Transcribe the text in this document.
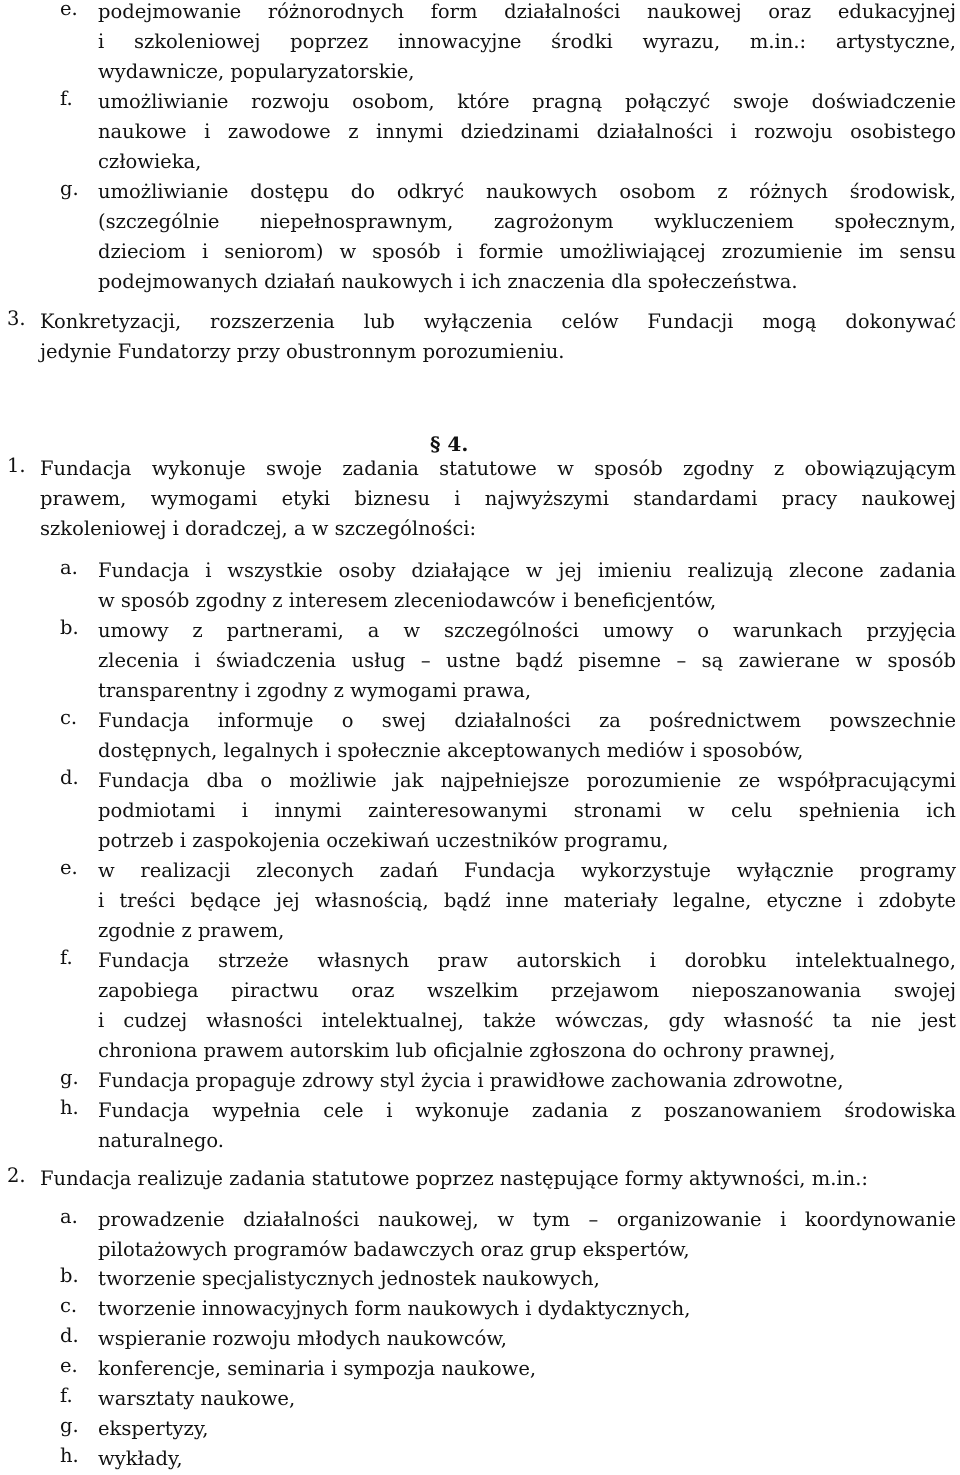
e. podejmowanie różnorodnych form działalności naukowej oraz edukacyjnej
i szkoleniowej poprzez innowacyjne środki wyrazu, m.in.: artystyczne,
wydawnicze, popularyzatorskie,
f. umożliwianie rozwoju osobom, które pragną połączyć swoje doświadczenie
naukowe i zawodowe z innymi dziedzinami działalności i rozwoju osobistego
człowieka,
g. umożliwianie dostępu do odkryć naukowych osobom z różnych środowisk,
(szczególnie niepełnosprawnym, zagrożonym wykluczeniem społecznym,
dzieciom i seniorom) w sposób i formie umożliwiającej zrozumienie im sensu
podejmowanych działań naukowych i ich znaczenia dla społeczeństwa.
3. Konkretyzacji, rozszerzenia lub wyłączenia celów Fundacji mogą dokonywać
jedynie Fundatorzy przy obustronnym porozumieniu.
§ 4.
1. Fundacja wykonuje swoje zadania statutowe w sposób zgodny z obowiązującym
prawem, wymogami etyki biznesu i najwyższymi standardami pracy naukowej
szkoleniowej i doradczej, a w szczególności:
a. Fundacja i wszystkie osoby działające w jej imieniu realizują zlecone zadania
w sposób zgodny z interesem zleceniodawców i beneficjentów,
b. umowy z partnerami, a w szczególności umowy o warunkach przyjęcia
zlecenia i świadczenia usług – ustne bądź pisemne – są zawierane w sposób
transparentny i zgodny z wymogami prawa,
c. Fundacja informuje o swej działalności za pośrednictwem powszechnie
dostępnych, legalnych i społecznie akceptowanych mediów i sposobów,
d. Fundacja dba o możliwie jak najpełniejsze porozumienie ze współpracującymi
podmiotami i innymi zainteresowanymi stronami w celu spełnienia ich
potrzeb i zaspokojenia oczekiwań uczestników programu,
e. w realizacji zleconych zadań Fundacja wykorzystuje wyłącznie programy
i treści będące jej własnością, bądź inne materiały legalne, etyczne i zdobyte
zgodnie z prawem,
f. Fundacja strzeże własnych praw autorskich i dorobku intelektualnego,
zapobiega piractwu oraz wszelkim przejawom nieposzanowania swojej
i cudzej własności intelektualnej, także wówczas, gdy własność ta nie jest
chroniona prawem autorskim lub oficjalnie zgłoszona do ochrony prawnej,
g. Fundacja propaguje zdrowy styl życia i prawidłowe zachowania zdrowotne,
h. Fundacja wypełnia cele i wykonuje zadania z poszanowaniem środowiska
naturalnego.
2. Fundacja realizuje zadania statutowe poprzez następujące formy aktywności, m.in.:
a. prowadzenie działalności naukowej, w tym – organizowanie i koordynowanie
pilotażowych programów badawczych oraz grup ekspertów,
b. tworzenie specjalistycznych jednostek naukowych,
c. tworzenie innowacyjnych form naukowych i dydaktycznych,
d. wspieranie rozwoju młodych naukowców,
e. konferencje, seminaria i sympozja naukowe,
f. warsztaty naukowe,
g. ekspertyzy,
h. wykłady,
